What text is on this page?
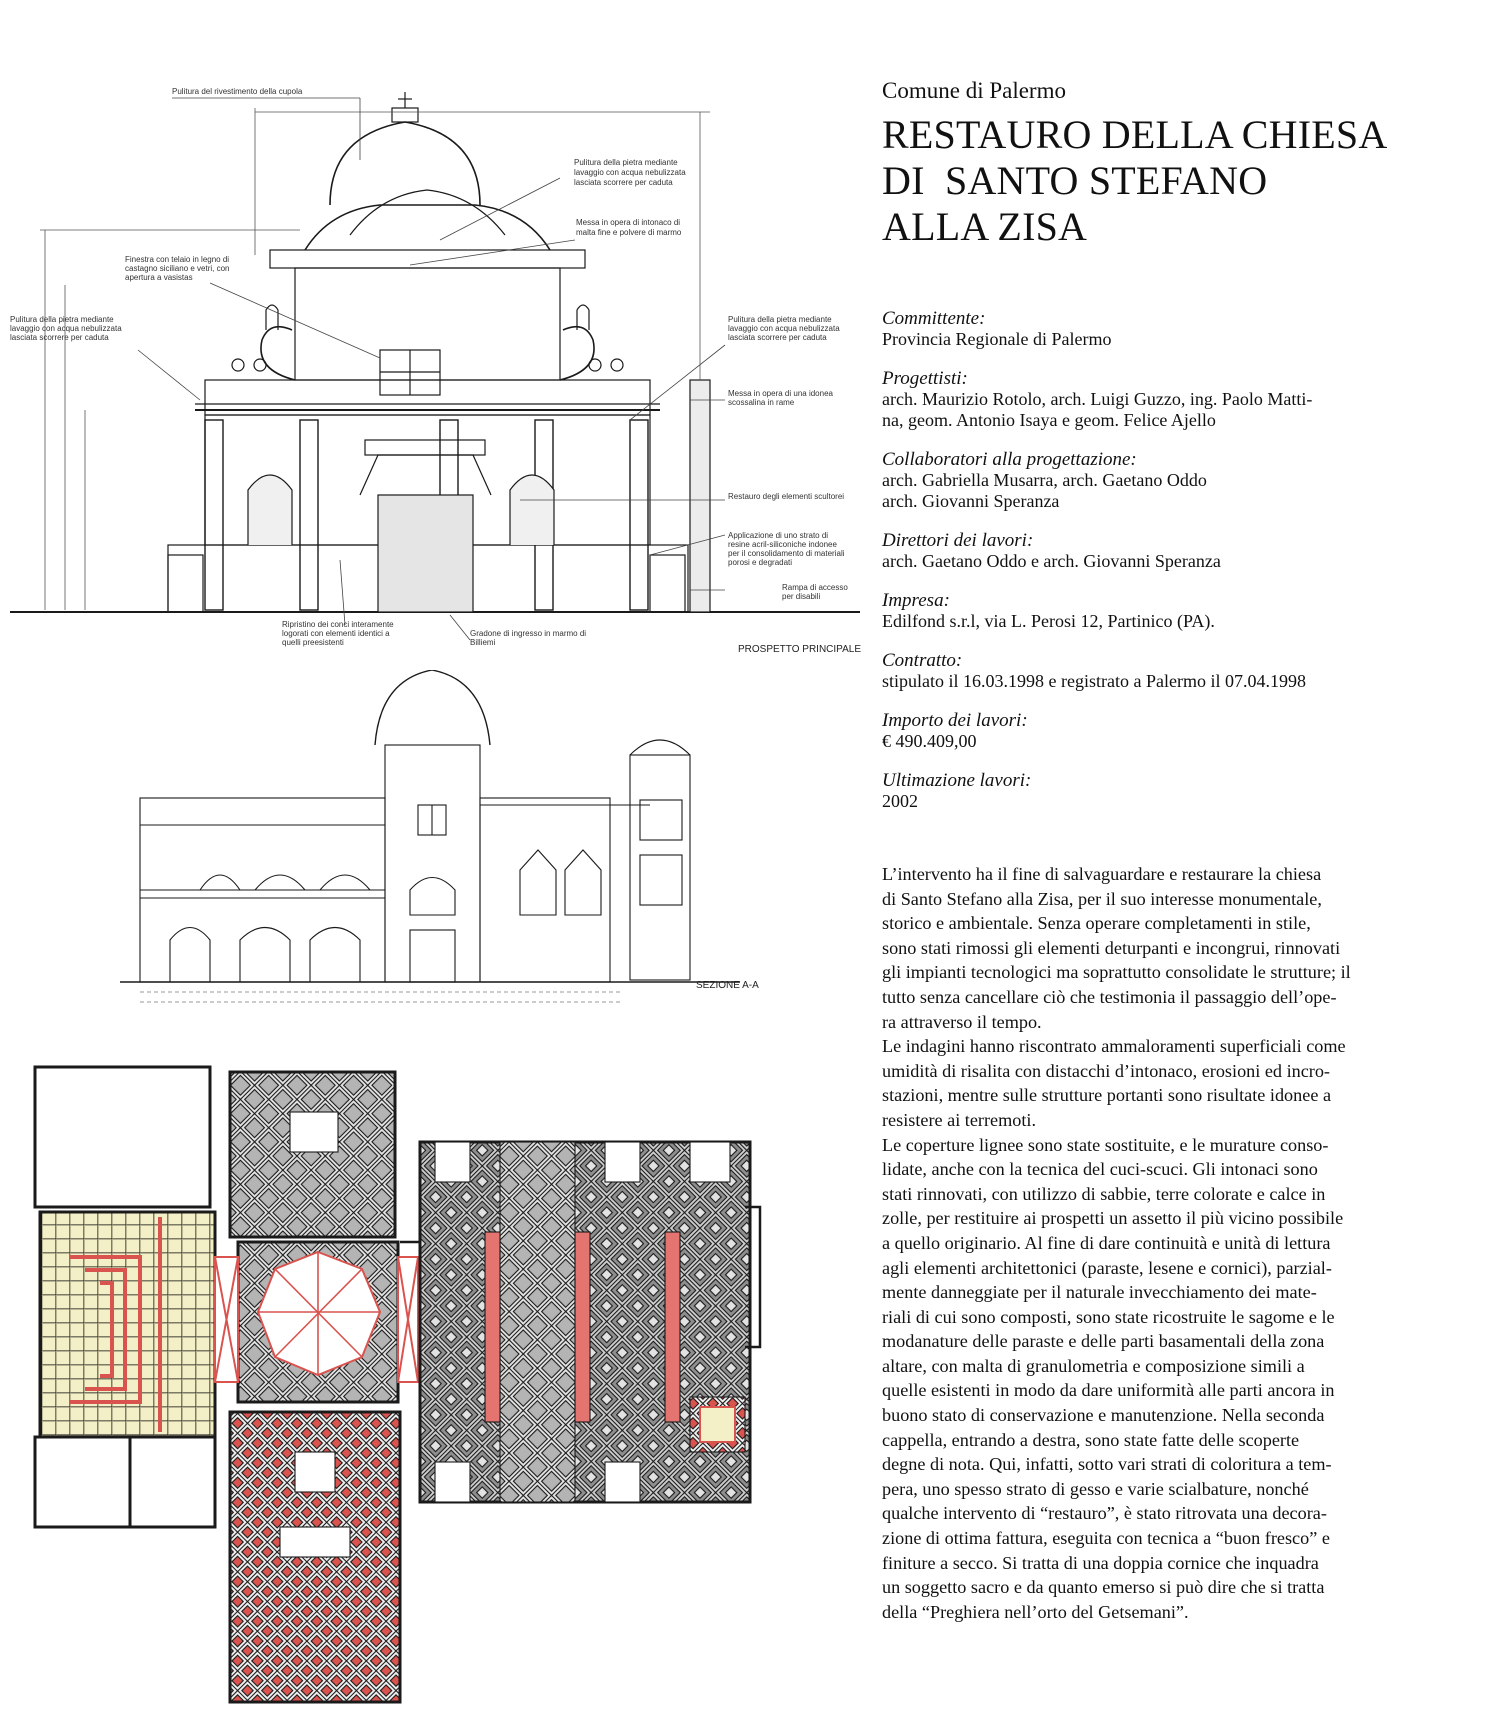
Pulitura del rivestimento della cupola
Pulitura della pietra mediante
lavaggio con acqua nebulizzata
lasciata scorrere per caduta
Messa in opera di intonaco di
malta fine e polvere di marmo
Finestra con telaio in legno di
castagno siciliano e vetri, con
apertura a vasistas
Pulitura della pietra mediante
lavaggio con acqua nebulizzata
lasciata scorrere per caduta
Pulitura della pietra mediante
lavaggio con acqua nebulizzata
lasciata scorrere per caduta
Messa in opera di una idonea
scossalina in rame
Restauro degli elementi scultorei
Applicazione di uno strato di
resine acril-siliconiche indonee
per il consolidamento di materiali
porosi e degradati
Rampa di accesso
per disabili
Ripristino dei conci interamente
logorati con elementi identici a
quelli preesistenti
Gradone di ingresso in marmo di
Billiemi
PROSPETTO PRINCIPALE
SEZIONE A-A
Comune di Palermo
RESTAURO DELLA CHIESA
DI  SANTO STEFANO
ALLA ZISA
Committente:
Provincia Regionale di Palermo
Progettisti:
arch. Maurizio Rotolo, arch. Luigi Guzzo, ing. Paolo Matti-
na, geom. Antonio Isaya e geom. Felice Ajello
Collaboratori alla progettazione:
arch. Gabriella Musarra, arch. Gaetano Oddo
arch. Giovanni Speranza
Direttori dei lavori:
arch. Gaetano Oddo e arch. Giovanni Speranza
Impresa:
Edilfond s.r.l, via L. Perosi 12, Partinico (PA).
Contratto:
stipulato il 16.03.1998 e registrato a Palermo il 07.04.1998
Importo dei lavori:
€ 490.409,00
Ultimazione lavori:
2002

L’intervento ha il fine di salvaguardare e restaurare la chiesa
di Santo Stefano alla Zisa, per il suo interesse monumentale,
storico e ambientale. Senza operare completamenti in stile,
sono stati rimossi gli elementi deturpanti e incongrui, rinnovati
gli impianti tecnologici ma soprattutto consolidate le strutture; il
tutto senza cancellare ciò che testimonia il passaggio dell’ope-
ra attraverso il tempo.

Le indagini hanno riscontrato ammaloramenti superficiali come
umidità di risalita con distacchi d’intonaco, erosioni ed incro-
stazioni, mentre sulle strutture portanti sono risultate idonee a
resistere ai terremoti.

Le coperture lignee sono state sostituite, e le murature conso-
lidate, anche con la tecnica del cuci-scuci. Gli intonaci sono
stati rinnovati, con utilizzo di sabbie, terre colorate e calce in
zolle, per restituire ai prospetti un assetto il più vicino possibile
a quello originario. Al fine di dare continuità e unità di lettura
agli elementi architettonici (paraste, lesene e cornici), parzial-
mente danneggiate per il naturale invecchiamento dei mate-
riali di cui sono composti, sono state ricostruite le sagome e le
modanature delle paraste e delle parti basamentali della zona
altare, con malta di granulometria e composizione simili a
quelle esistenti in modo da dare uniformità alle parti ancora in
buono stato di conservazione e manutenzione. Nella seconda
cappella, entrando a destra, sono state fatte delle scoperte
degne di nota. Qui, infatti, sotto vari strati di coloritura a tem-
pera, uno spesso strato di gesso e varie scialbature, nonché
qualche intervento di “restauro”, è stato ritrovata una decora-
zione di ottima fattura, eseguita con tecnica a “buon fresco” e
finiture a secco. Si tratta di una doppia cornice che inquadra
un soggetto sacro e da quanto emerso si può dire che si tratta
della “Preghiera nell’orto del Getsemani”.
